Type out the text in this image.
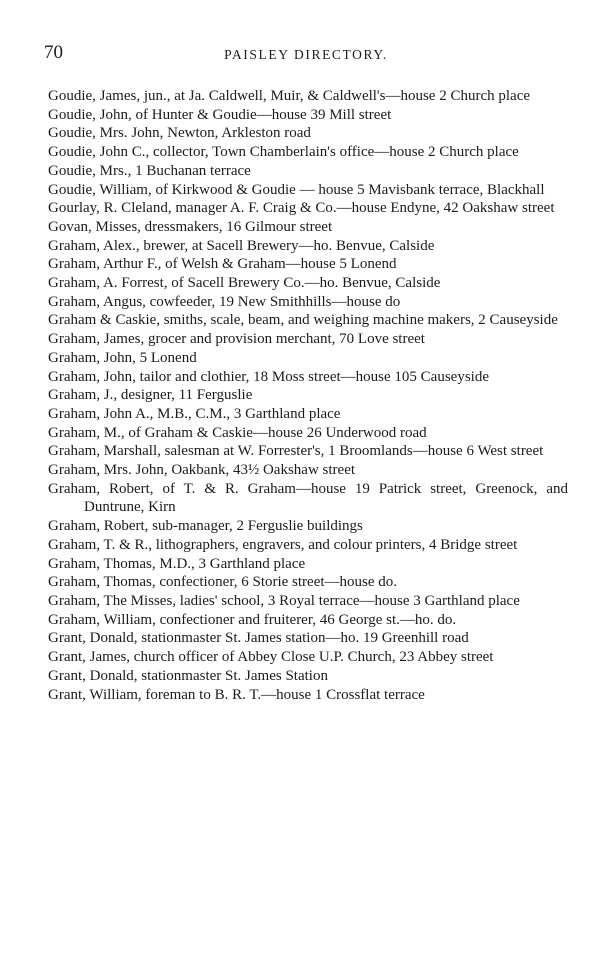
70	PAISLEY DIRECTORY.
Goudie, James, jun., at Ja. Caldwell, Muir, & Caldwell's—house 2 Church place
Goudie, John, of Hunter & Goudie—house 39 Mill street
Goudie, Mrs. John, Newton, Arkleston road
Goudie, John C., collector, Town Chamberlain's office—house 2 Church place
Goudie, Mrs., 1 Buchanan terrace
Goudie, William, of Kirkwood & Goudie — house 5 Mavisbank terrace, Blackhall
Gourlay, R. Cleland, manager A. F. Craig & Co.—house Endyne, 42 Oakshaw street
Govan, Misses, dressmakers, 16 Gilmour street
Graham, Alex., brewer, at Sacell Brewery—ho. Benvue, Calside
Graham, Arthur F., of Welsh & Graham—house 5 Lonend
Graham, A. Forrest, of Sacell Brewery Co.—ho. Benvue, Calside
Graham, Angus, cowfeeder, 19 New Smithhills—house do
Graham & Caskie, smiths, scale, beam, and weighing machine makers, 2 Causeyside
Graham, James, grocer and provision merchant, 70 Love street
Graham, John, 5 Lonend
Graham, John, tailor and clothier, 18 Moss street—house 105 Causeyside
Graham, J., designer, 11 Ferguslie
Graham, John A., M.B., C.M., 3 Garthland place
Graham, M., of Graham & Caskie—house 26 Underwood road
Graham, Marshall, salesman at W. Forrester's, 1 Broomlands—house 6 West street
Graham, Mrs. John, Oakbank, 43½ Oakshaw street
Graham, Robert, of T. & R. Graham—house 19 Patrick street, Greenock, and Duntrune, Kirn
Graham, Robert, sub-manager, 2 Ferguslie buildings
Graham, T. & R., lithographers, engravers, and colour printers, 4 Bridge street
Graham, Thomas, M.D., 3 Garthland place
Graham, Thomas, confectioner, 6 Storie street—house do.
Graham, The Misses, ladies' school, 3 Royal terrace—house 3 Garthland place
Graham, William, confectioner and fruiterer, 46 George st.—ho. do.
Grant, Donald, stationmaster St. James station—ho. 19 Greenhill road
Grant, James, church officer of Abbey Close U.P. Church, 23 Abbey street
Grant, Donald, stationmaster St. James Station
Grant, William, foreman to B. R. T.—house 1 Crossflat terrace
